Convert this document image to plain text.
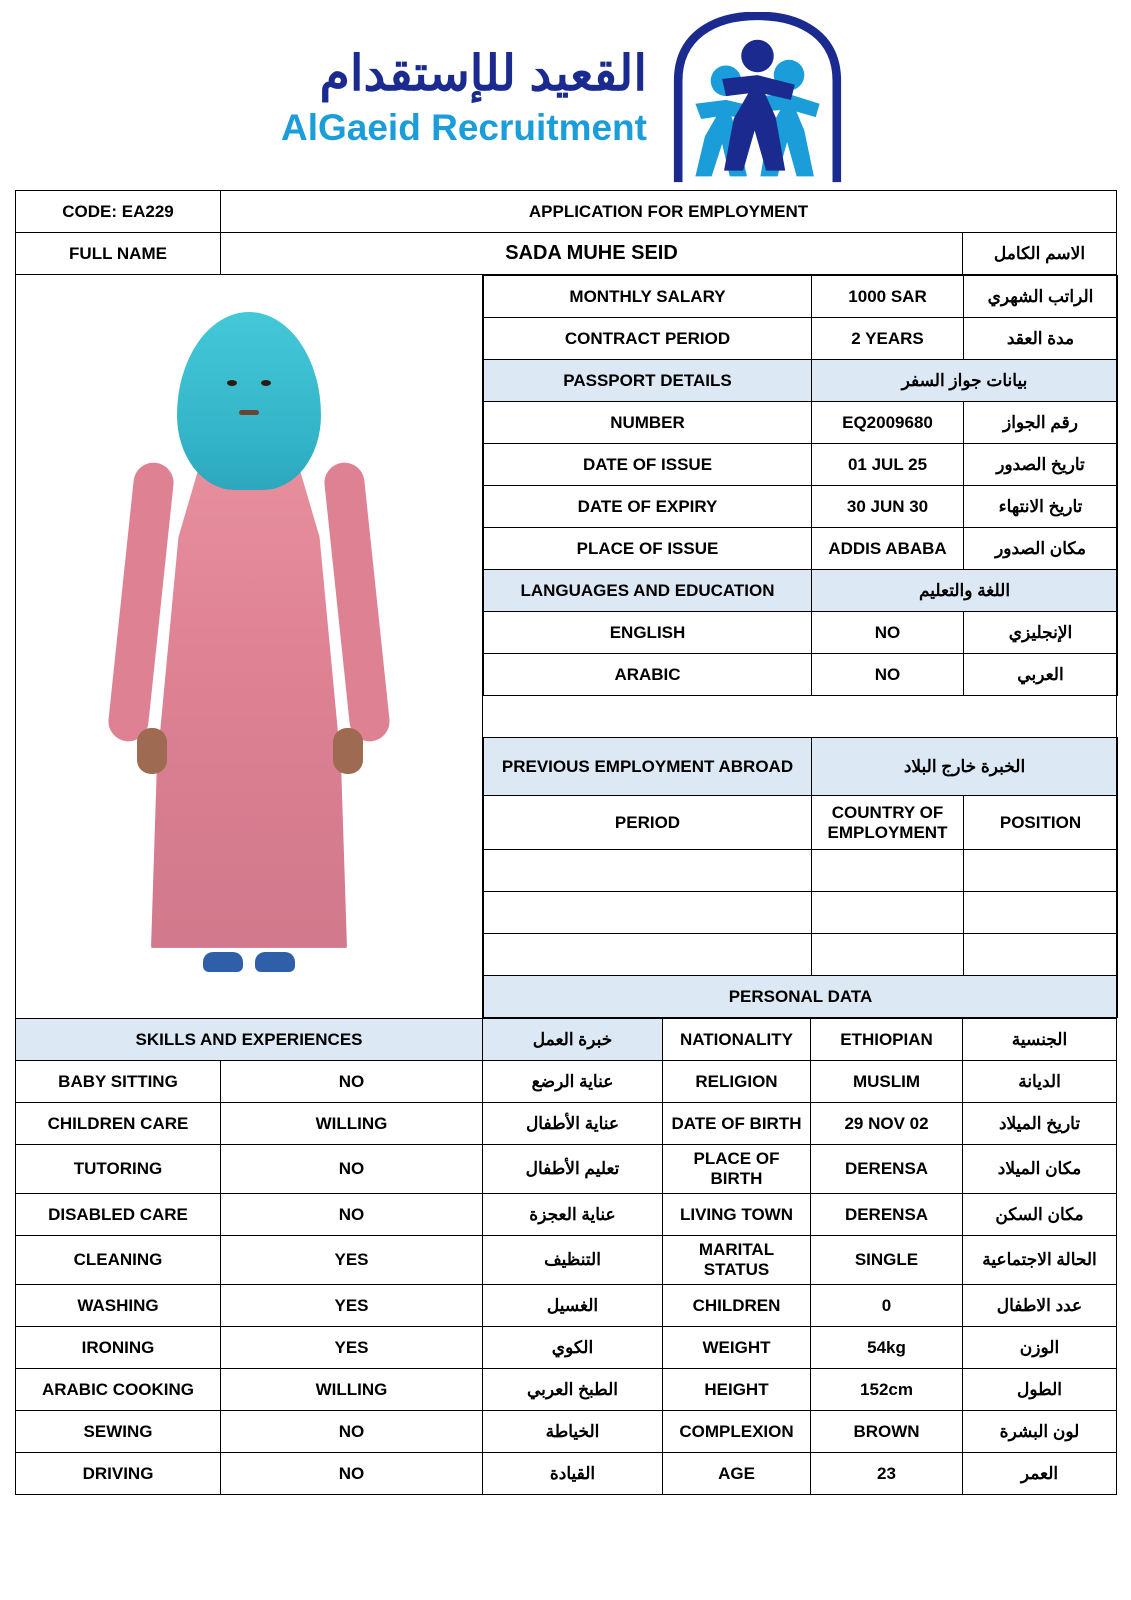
القعيد للإستقدام
AlGaeid Recruitment
CODE: EA229	APPLICATION FOR EMPLOYMENT
FULL NAME	SADA MUHE SEID	الاسم الكامل

MONTHLY SALARY	1000 SAR	الراتب الشهري
CONTRACT PERIOD	2 YEARS	مدة العقد
PASSPORT DETAILS	بيانات جواز السفر
NUMBER	EQ2009680	رقم الجواز
DATE OF ISSUE	01 JUL 25	تاريخ الصدور
DATE OF EXPIRY	30 JUN 30	تاريخ الانتهاء
PLACE OF ISSUE	ADDIS ABABA	مكان الصدور
LANGUAGES AND EDUCATION	اللغة والتعليم
ENGLISH	NO	الإنجليزي
ARABIC	NO	العربي

PREVIOUS EMPLOYMENT ABROAD	الخبرة خارج البلاد
PERIOD	COUNTRY OF EMPLOYMENT	POSITION

PERSONAL DATA

SKILLS AND EXPERIENCES	خبرة العمل	NATIONALITY	ETHIOPIAN	الجنسية
BABY SITTING	NO	عناية الرضع	RELIGION	MUSLIM	الديانة
CHILDREN CARE	WILLING	عناية الأطفال	DATE OF BIRTH	29 NOV 02	تاريخ الميلاد
TUTORING	NO	تعليم الأطفال	PLACE OF BIRTH	DERENSA	مكان الميلاد
DISABLED CARE	NO	عناية العجزة	LIVING TOWN	DERENSA	مكان السكن
CLEANING	YES	التنظيف	MARITAL STATUS	SINGLE	الحالة الاجتماعية
WASHING	YES	الغسيل	CHILDREN	0	عدد الاطفال
IRONING	YES	الكوي	WEIGHT	54kg	الوزن
ARABIC COOKING	WILLING	الطبخ العربي	HEIGHT	152cm	الطول
SEWING	NO	الخياطة	COMPLEXION	BROWN	لون البشرة
DRIVING	NO	القيادة	AGE	23	العمر
